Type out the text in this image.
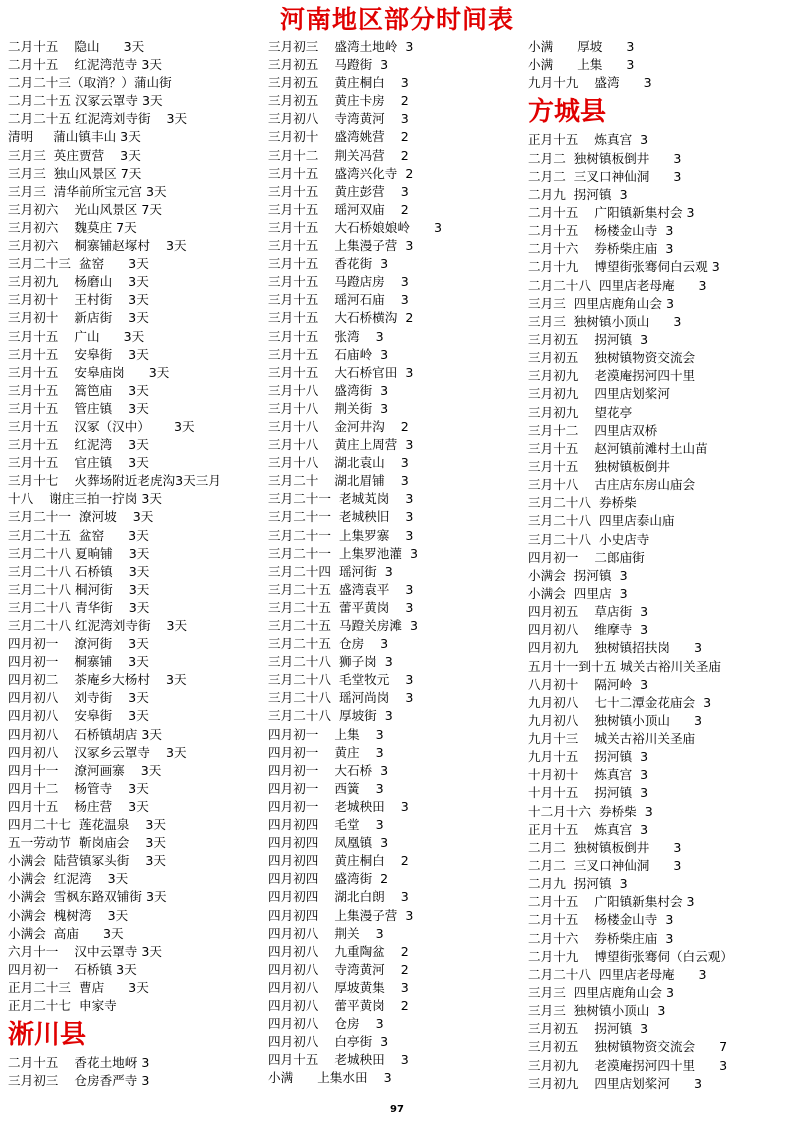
河南地区部分时间表
二月十五    隐山      3天
二月十五    红泥湾范寺 3天
二月二十三（取消？）蒲山街
二月二十五 汉冢云罩寺 3天
二月二十五 红泥湾刘寺街    3天
清明     蒲山镇丰山 3天
三月三  英庄贾营    3天
三月三  独山风景区 7天
三月三  清华前所宝元宫 3天
三月初六    光山风景区 7天
三月初六    魏莫庄 7天
三月初六    桐寨铺赵塚村    3天
三月二十三  盆窑      3天
三月初九    杨磨山    3天
三月初十    王村街    3天
三月初十    新店街    3天
三月十五    广山      3天
三月十五    安皋街    3天
三月十五    安皋庙岗      3天
三月十五    篙笆庙    3天
三月十五    管庄镇    3天
三月十五    汉冢（汉中）      3天
三月十五    红泥湾    3天
三月十五    官庄镇    3天
三月十七    火葬场附近老虎沟3天三月
十八    谢庄三拍一拧岗 3天
三月二十一  潦河坡    3天
三月二十五  盆窑      3天
三月二十八 夏晌铺    3天
三月二十八 石桥镇    3天
三月二十八 桐河街    3天
三月二十八 青华街    3天
三月二十八 红泥湾刘寺街    3天
四月初一    潦河街    3天
四月初一    桐寨铺    3天
四月初二    茶庵乡大杨村    3天
四月初八    刘寺街    3天
四月初八    安皋街    3天
四月初八    石桥镇胡店 3天
四月初八    汉冢乡云罩寺    3天
四月十一    潦河画寨    3天
四月十二    杨管寺    3天
四月十五    杨庄营    3天
四月二十七  莲花温泉    3天
五一劳动节  靳岗庙会    3天
小满会  陆营镇冢头街    3天
小满会  红泥湾    3天
小满会  雪枫东路双铺街 3天
小满会  槐树湾    3天
小满会  高庙      3天
六月十一    汉中云罩寺 3天
四月初一    石桥镇 3天
正月二十三  曹店      3天
正月二十七  申家寺
淅川县
二月十五    香花土地岈 3
三月初三    仓房香严寺 3
三月初三    盛湾土地岭  3
三月初五    马蹬街  3
三月初五    黄庄桐白    3
三月初五    黄庄卡房    2
三月初八    寺湾黄河    3
三月初十    盛湾姚营    2
三月十二    荆关冯营    2
三月十五    盛湾兴化寺  2
三月十五    黄庄彭营    3
三月十五    瑶河双庙    2
三月十五    大石桥娘娘岭      3
三月十五    上集漫子营  3
三月十五    香花街  3
三月十五    马蹬店房    3
三月十五    瑶河石庙    3
三月十五    大石桥横沟  2
三月十五    张湾    3
三月十五    石庙岭  3
三月十五    大石桥官田  3
三月十八    盛湾街  3
三月十八    荆关街  3
三月十八    金河井沟    2
三月十八    黄庄上周营  3
三月十八    湖北袁山    3
三月二十    湖北眉铺    3
三月二十一  老城芄岗    3
三月二十一  老城秧旧    3
三月二十一  上集罗寨    3
三月二十一  上集罗池灌  3
三月二十四  瑶河街  3
三月二十五  盛湾袁平    3
三月二十五  蕾平黄岗    3
三月二十五  马蹬关房滩  3
三月二十五  仓房    3
三月二十八  狮子岗  3
三月二十八  毛堂牧元    3
三月二十八  瑶河尚岗    3
三月二十八  厚坡街  3
四月初一    上集    3
四月初一    黄庄    3
四月初一    大石桥  3
四月初一    西簧    3
四月初一    老城秧田    3
四月初四    毛堂    3
四月初四    凤凰镇  3
四月初四    黄庄桐白    2
四月初四    盛湾街  2
四月初四    湖北白朗    3
四月初四    上集漫子营  3
四月初八    荆关    3
四月初八    九重陶盆    2
四月初八    寺湾黄河    2
四月初八    厚坡黄集    3
四月初八    蕾平黄岗    2
四月初八    仓房    3
四月初八    白亭街  3
四月十五    老城秧田    3
小满      上集水田    3
小满      厚坡      3
小满      上集      3
九月十九    盛湾      3
方城县
正月十五    炼真宫  3
二月二  独树镇板倒井      3
二月二  三叉口神仙洞      3
二月九  拐河镇  3
二月十五    广阳镇新集村会 3
二月十五    杨楼金山寺  3
二月十六    券桥柴庄庙  3
二月十九    博望街张骞伺白云观 3
二月二十八  四里店老母庵      3
三月三  四里店鹿角山会 3
三月三  独树镇小顶山      3
三月初五    拐河镇  3
三月初五    独树镇物资交流会
三月初九    老漠庵拐河四十里
三月初九    四里店划桨河
三月初九    望花亭
三月十二    四里店双桥
三月十五    赵河镇前滩村土山苗
三月十五    独树镇板倒井
三月十八    古庄店东房山庙会
三月二十八  券桥柴
三月二十八  四里店泰山庙
三月二十八  小史店寺
四月初一    二郎庙街
小满会  拐河镇  3
小满会  四里店  3
四月初五    草店街  3
四月初八    维摩寺  3
四月初九    独树镇招扶岗      3
五月十一到十五 城关古裕川关圣庙
八月初十    隔河岭  3
九月初八    七十二潭金花庙会  3
九月初八    独树镇小顶山      3
九月十三    城关古裕川关圣庙
九月十五    拐河镇  3
十月初十    炼真宫  3
十月十五    拐河镇  3
十二月十六  券桥柴  3
正月十五    炼真宫  3
二月二  独树镇板倒井      3
二月二  三叉口神仙洞      3
二月九  拐河镇  3
二月十五    广阳镇新集村会 3
二月十五    杨楼金山寺  3
二月十六    券桥柴庄庙  3
二月十九    博望街张骞伺（白云观）
二月二十八  四里店老母庵      3
三月三  四里店鹿角山会 3
三月三  独树镇小顶山  3
三月初五    拐河镇  3
三月初五    独树镇物资交流会      7
三月初九    老漠庵拐河四十里      3
三月初九    四里店划桨河      3
97
